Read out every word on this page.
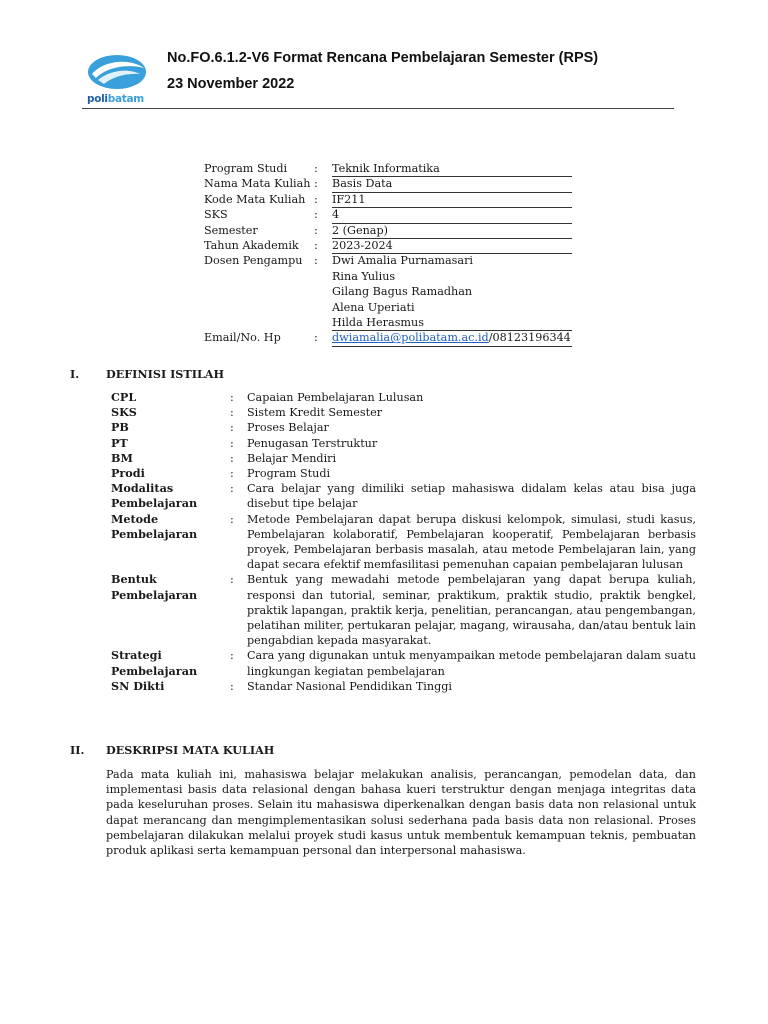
polibatam
No.FO.6.1.2-V6 Format Rencana Pembelajaran Semester (RPS)
23 November 2022
Program Studi	:	Teknik Informatika
Nama Mata Kuliah :	Basis Data
Kode Mata Kuliah :	IF211
SKS	:	4
Semester	:	2 (Genap)
Tahun Akademik	:	2023-2024
Dosen Pengampu	:	Dwi Amalia Purnamasari
Rina Yulius
Gilang Bagus Ramadhan
Alena Uperiati
Hilda Herasmus
Email/No. Hp	:	dwiamalia@polibatam.ac.id/08123196344
I. DEFINISI ISTILAH
CPL	:	Capaian Pembelajaran Lulusan
SKS	:	Sistem Kredit Semester
PB	:	Proses Belajar
PT	:	Penugasan Terstruktur
BM	:	Belajar Mendiri
Prodi	:	Program Studi
Modalitas Pembelajaran
:	Cara belajar yang dimiliki setiap mahasiswa didalam kelas atau bisa juga disebut tipe belajar
Metode Pembelajaran
:	Metode Pembelajaran dapat berupa diskusi kelompok, simulasi, studi kasus, Pembelajaran kolaboratif, Pembelajaran kooperatif, Pembelajaran berbasis proyek, Pembelajaran berbasis masalah, atau metode Pembelajaran lain, yang dapat secara efektif memfasilitasi pemenuhan capaian pembelajaran lulusan
Bentuk Pembelajaran
:	Bentuk yang mewadahi metode pembelajaran yang dapat berupa kuliah, responsi dan tutorial, seminar, praktikum, praktik studio, praktik bengkel, praktik lapangan, praktik kerja, penelitian, perancangan, atau pengembangan, pelatihan militer, pertukaran pelajar, magang, wirausaha, dan/atau bentuk lain pengabdian kepada masyarakat.
Strategi Pembelajaran
:	Cara yang digunakan untuk menyampaikan metode pembelajaran dalam suatu lingkungan kegiatan pembelajaran
SN Dikti	:	Standar Nasional Pendidikan Tinggi
II. DESKRIPSI MATA KULIAH
Pada mata kuliah ini, mahasiswa belajar melakukan analisis, perancangan, pemodelan data, dan implementasi basis data relasional dengan bahasa kueri terstruktur dengan menjaga integritas data pada keseluruhan proses. Selain itu mahasiswa diperkenalkan dengan basis data non relasional untuk dapat merancang dan mengimplementasikan solusi sederhana pada basis data non relasional. Proses pembelajaran dilakukan melalui proyek studi kasus untuk membentuk kemampuan teknis, pembuatan produk aplikasi serta kemampuan personal dan interpersonal mahasiswa.
